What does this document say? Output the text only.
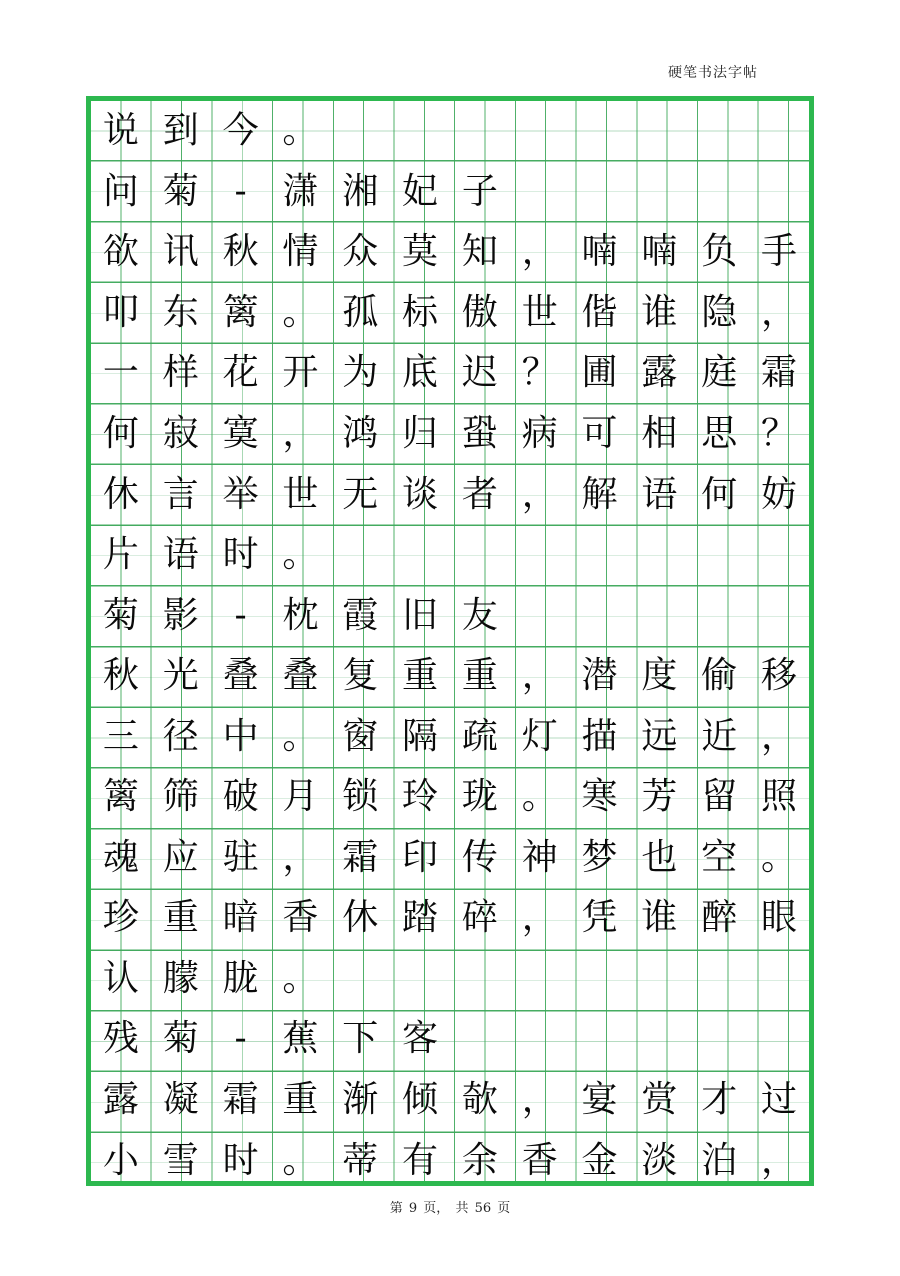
硬笔书法字帖
说 到 今 。
问 菊 - 潇 湘 妃 子
欲 讯 秋 情 众 莫 知 ， 喃 喃 负 手
叩 东 篱 。 孤 标 傲 世 偕 谁 隐 ，
一 样 花 开 为 底 迟 ？ 圃 露 庭 霜
何 寂 寞 ， 鸿 归 蛩 病 可 相 思 ？
休 言 举 世 无 谈 者 ， 解 语 何 妨
片 语 时 。
菊 影 - 枕 霞 旧 友
秋 光 叠 叠 复 重 重 ， 潜 度 偷 移
三 径 中 。 窗 隔 疏 灯 描 远 近 ，
篱 筛 破 月 锁 玲 珑 。 寒 芳 留 照
魂 应 驻 ， 霜 印 传 神 梦 也 空 。
珍 重 暗 香 休 踏 碎 ， 凭 谁 醉 眼
认 朦 胧 。
残 菊 - 蕉 下 客
露 凝 霜 重 渐 倾 欹 ， 宴 赏 才 过
小 雪 时 。 蒂 有 余 香 金 淡 泊 ，
第 9 页， 共 56 页
